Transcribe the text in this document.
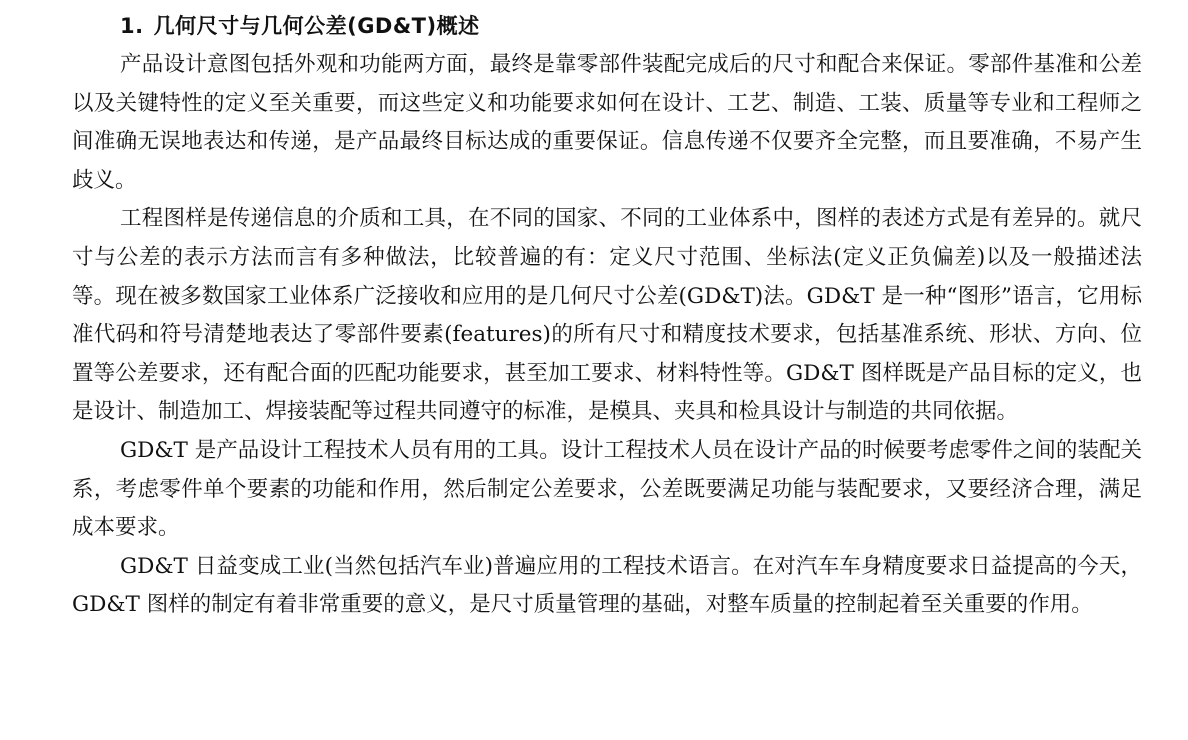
1. 几何尺寸与几何公差(GD&T)概述

产品设计意图包括外观和功能两方面，最终是靠零部件装配完成后的尺寸和配合来保证。零部件基准和公差以及关键特性的定义至关重要，而这些定义和功能要求如何在设计、工艺、制造、工装、质量等专业和工程师之间准确无误地表达和传递，是产品最终目标达成的重要保证。信息传递不仅要齐全完整，而且要准确，不易产生歧义。

工程图样是传递信息的介质和工具，在不同的国家、不同的工业体系中，图样的表述方式是有差异的。就尺寸与公差的表示方法而言有多种做法，比较普遍的有：定义尺寸范围、坐标法(定义正负偏差)以及一般描述法等。现在被多数国家工业体系广泛接收和应用的是几何尺寸公差(GD&T)法。GD&T 是一种“图形”语言，它用标准代码和符号清楚地表达了零部件要素(features)的所有尺寸和精度技术要求，包括基准系统、形状、方向、位置等公差要求，还有配合面的匹配功能要求，甚至加工要求、材料特性等。GD&T 图样既是产品目标的定义，也是设计、制造加工、焊接装配等过程共同遵守的标准，是模具、夹具和检具设计与制造的共同依据。

GD&T 是产品设计工程技术人员有用的工具。设计工程技术人员在设计产品的时候要考虑零件之间的装配关系，考虑零件单个要素的功能和作用，然后制定公差要求，公差既要满足功能与装配要求，又要经济合理，满足成本要求。

GD&T 日益变成工业(当然包括汽车业)普遍应用的工程技术语言。在对汽车车身精度要求日益提高的今天，GD&T 图样的制定有着非常重要的意义，是尺寸质量管理的基础，对整车质量的控制起着至关重要的作用。
